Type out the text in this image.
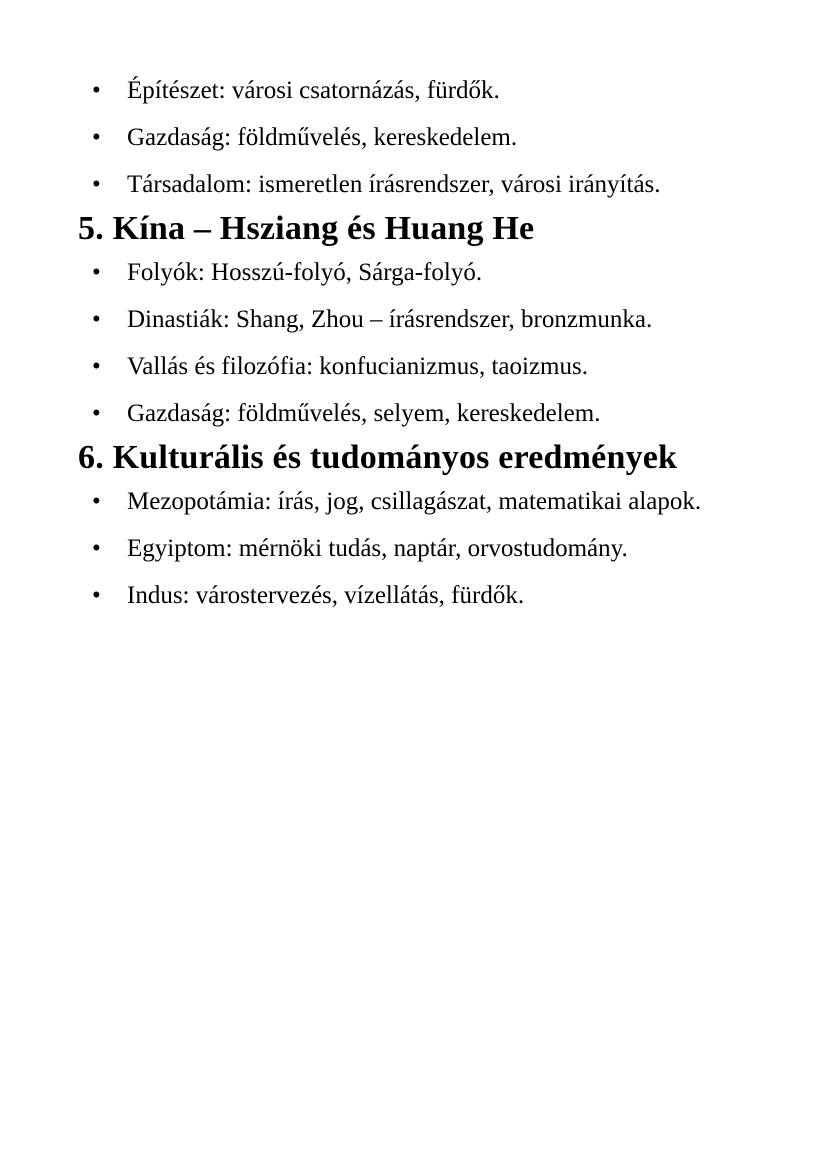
• Építészet: városi csatornázás, fürdők.
• Gazdaság: földművelés, kereskedelem.
• Társadalom: ismeretlen írásrendszer, városi irányítás.
5. Kína – Hsziang és Huang He
• Folyók: Hosszú-folyó, Sárga-folyó.
• Dinastiák: Shang, Zhou – írásrendszer, bronzmunka.
• Vallás és filozófia: konfucianizmus, taoizmus.
• Gazdaság: földművelés, selyem, kereskedelem.
6. Kulturális és tudományos eredmények
• Mezopotámia: írás, jog, csillagászat, matematikai alapok.
• Egyiptom: mérnöki tudás, naptár, orvostudomány.
• Indus: várostervezés, vízellátás, fürdők.
